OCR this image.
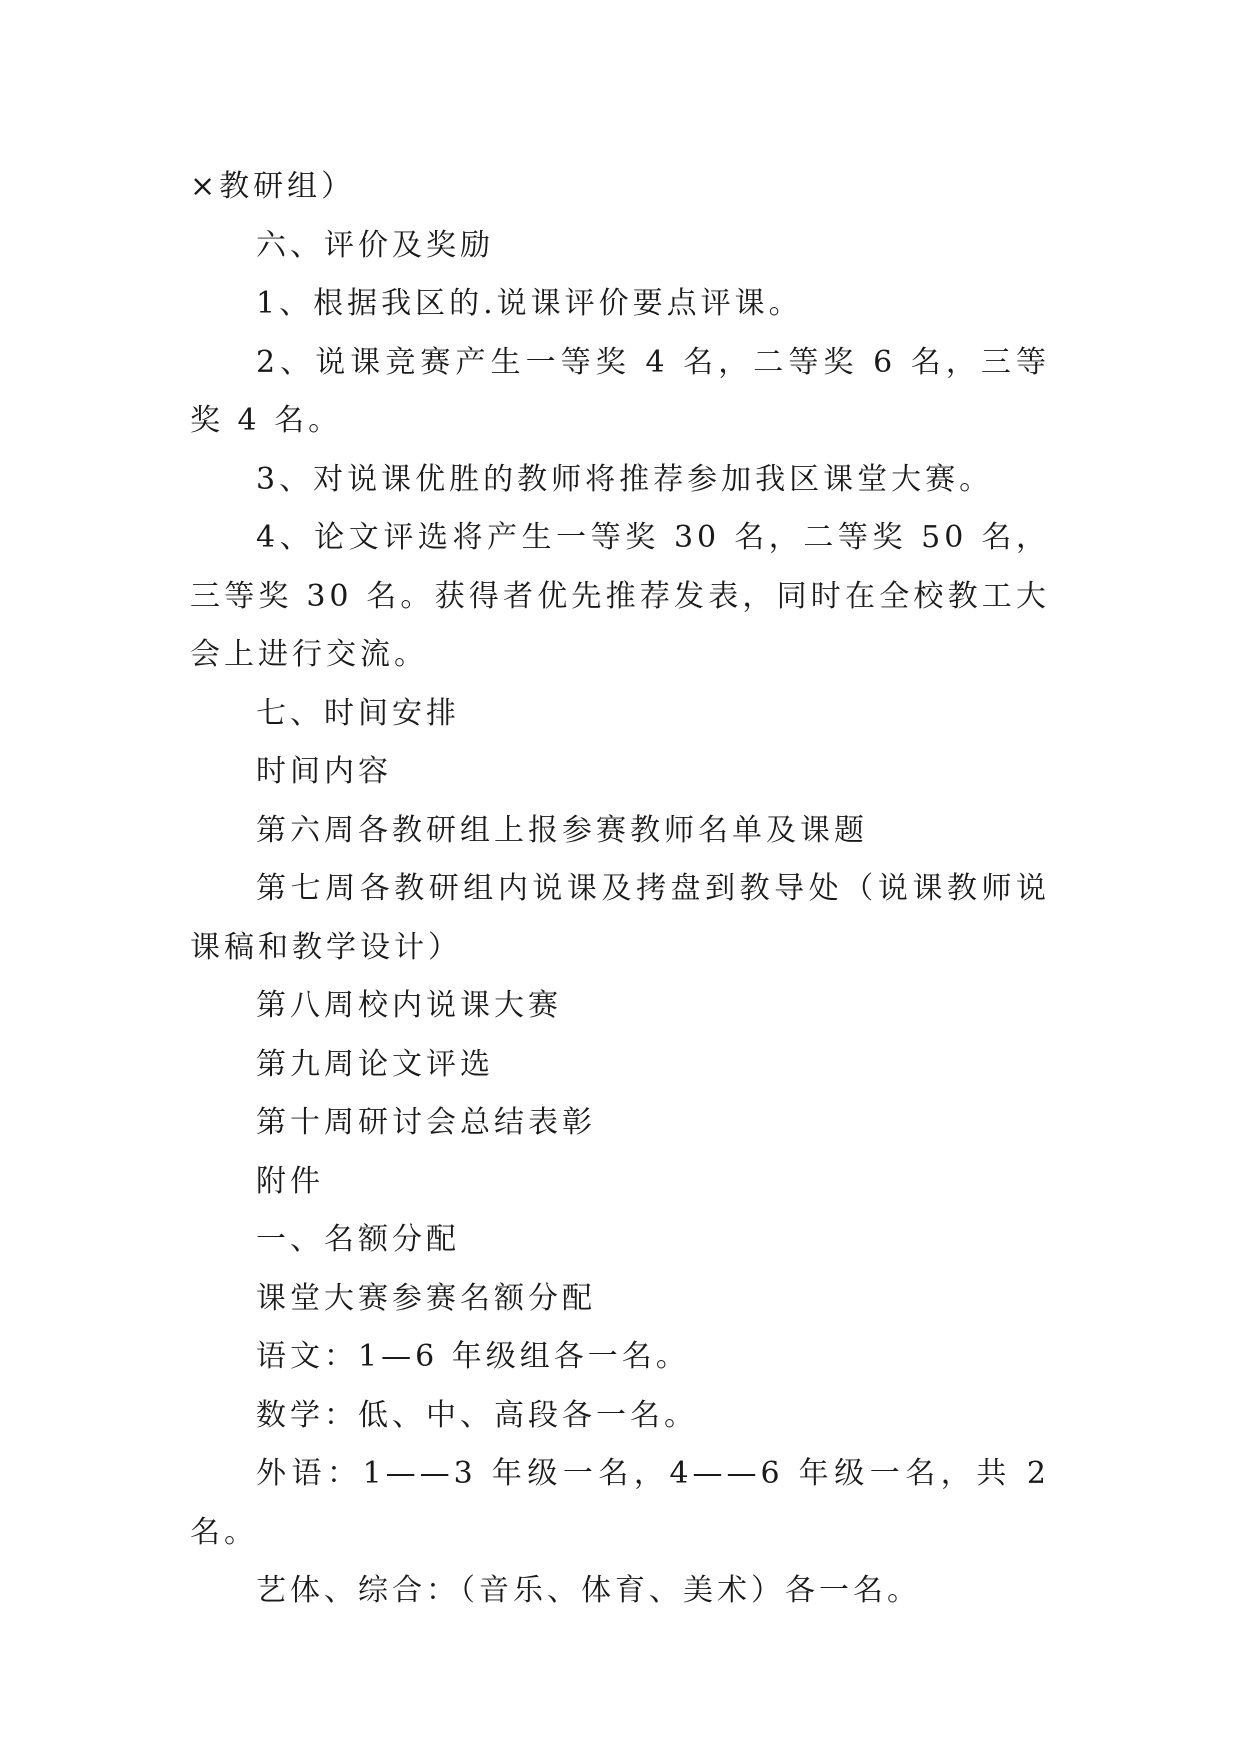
×教研组）

六、评价及奖励

1、根据我区的.说课评价要点评课。

2、说课竞赛产生一等奖 4 名，二等奖 6 名，三等奖 4 名。

3、对说课优胜的教师将推荐参加我区课堂大赛。

4、论文评选将产生一等奖 30 名，二等奖 50 名，三等奖 30 名。获得者优先推荐发表，同时在全校教工大会上进行交流。

七、时间安排

时间内容

第六周各教研组上报参赛教师名单及课题

第七周各教研组内说课及拷盘到教导处（说课教师说课稿和教学设计）

第八周校内说课大赛

第九周论文评选

第十周研讨会总结表彰

附件

一、名额分配

课堂大赛参赛名额分配

语文：1—6 年级组各一名。

数学：低、中、高段各一名。

外语：1——3 年级一名，4——6 年级一名，共 2 名。

艺体、综合：（音乐、体育、美术）各一名。
